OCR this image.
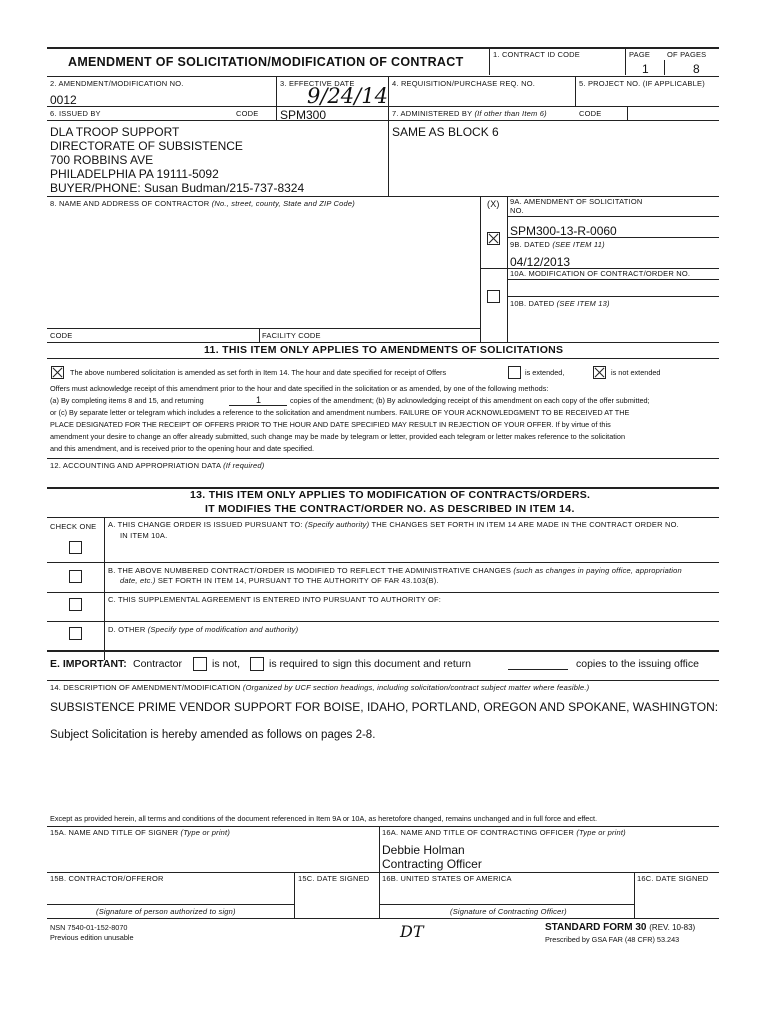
AMENDMENT OF SOLICITATION/MODIFICATION OF CONTRACT
1. CONTRACT ID CODE	PAGE OF PAGES
1	8
2. AMENDMENT/MODIFICATION NO.
0012
3. EFFECTIVE DATE
9/24/14
4. REQUISITION/PURCHASE REQ. NO.	5. PROJECT NO. (IF APPLICABLE)
6. ISSUED BY	CODE SPM300	7. ADMINISTERED BY (If other than Item 6)	CODE
DLA TROOP SUPPORT
DIRECTORATE OF SUBSISTENCE
700 ROBBINS AVE
PHILADELPHIA PA 19111-5092
BUYER/PHONE: Susan Budman/215-737-8324
SAME AS BLOCK 6
8. NAME AND ADDRESS OF CONTRACTOR (No., street, county, State and ZIP Code)	(X) 9A. AMENDMENT OF SOLICITATION
NO.
SPM300-13-R-0060
9B. DATED (SEE ITEM 11)
04/12/2013
10A. MODIFICATION OF CONTRACT/ORDER NO.
10B. DATED (SEE ITEM 13)
CODE	FACILITY CODE
11. THIS ITEM ONLY APPLIES TO AMENDMENTS OF SOLICITATIONS
The above numbered solicitation is amended as set forth in Item 14. The hour and date specified for receipt of Offers	is extended,	is not extended
Offers must acknowledge receipt of this amendment prior to the hour and date specified in the solicitation or as amended, by one of the following methods:
(a) By completing items 8 and 15, and returning	1	copies of the amendment; (b) By acknowledging receipt of this amendment on each copy of the offer submitted;
or (c) By separate letter or telegram which includes a reference to the solicitation and amendment numbers. FAILURE OF YOUR ACKNOWLEDGMENT TO BE RECEIVED AT THE
PLACE DESIGNATED FOR THE RECEIPT OF OFFERS PRIOR TO THE HOUR AND DATE SPECIFIED MAY RESULT IN REJECTION OF YOUR OFFER. If by virtue of this
amendment your desire to change an offer already submitted, such change may be made by telegram or letter, provided each telegram or letter makes reference to the solicitation
and this amendment, and is received prior to the opening hour and date specified.
12. ACCOUNTING AND APPROPRIATION DATA (If required)
13. THIS ITEM ONLY APPLIES TO MODIFICATION OF CONTRACTS/ORDERS.
IT MODIFIES THE CONTRACT/ORDER NO. AS DESCRIBED IN ITEM 14.
CHECK ONE A. THIS CHANGE ORDER IS ISSUED PURSUANT TO: (Specify authority) THE CHANGES SET FORTH IN ITEM 14 ARE MADE IN THE CONTRACT ORDER NO.
IN ITEM 10A.
B. THE ABOVE NUMBERED CONTRACT/ORDER IS MODIFIED TO REFLECT THE ADMINISTRATIVE CHANGES (such as changes in paying office, appropriation
date, etc.) SET FORTH IN ITEM 14, PURSUANT TO THE AUTHORITY OF FAR 43.103(B).
C. THIS SUPPLEMENTAL AGREEMENT IS ENTERED INTO PURSUANT TO AUTHORITY OF:
D. OTHER (Specify type of modification and authority)
E. IMPORTANT: Contractor	is not,	is required to sign this document and return	copies to the issuing office
14. DESCRIPTION OF AMENDMENT/MODIFICATION (Organized by UCF section headings, including solicitation/contract subject matter where feasible.)
SUBSISTENCE PRIME VENDOR SUPPORT FOR BOISE, IDAHO, PORTLAND, OREGON AND SPOKANE, WASHINGTON:
Subject Solicitation is hereby amended as follows on pages 2-8.
Except as provided herein, all terms and conditions of the document referenced in Item 9A or 10A, as heretofore changed, remains unchanged and in full force and effect.
15A. NAME AND TITLE OF SIGNER (Type or print)	16A. NAME AND TITLE OF CONTRACTING OFFICER (Type or print)
Debbie Holman
Contracting Officer
15B. CONTRACTOR/OFFEROR	15C. DATE SIGNED 16B. UNITED STATES OF AMERICA	16C. DATE SIGNED
(Signature of person authorized to sign)	(Signature of Contracting Officer)
NSN 7540-01-152-8070
Previous edition unusable	DT	STANDARD FORM 30 (REV. 10-83)
Prescribed by GSA FAR (48 CFR) 53.243
